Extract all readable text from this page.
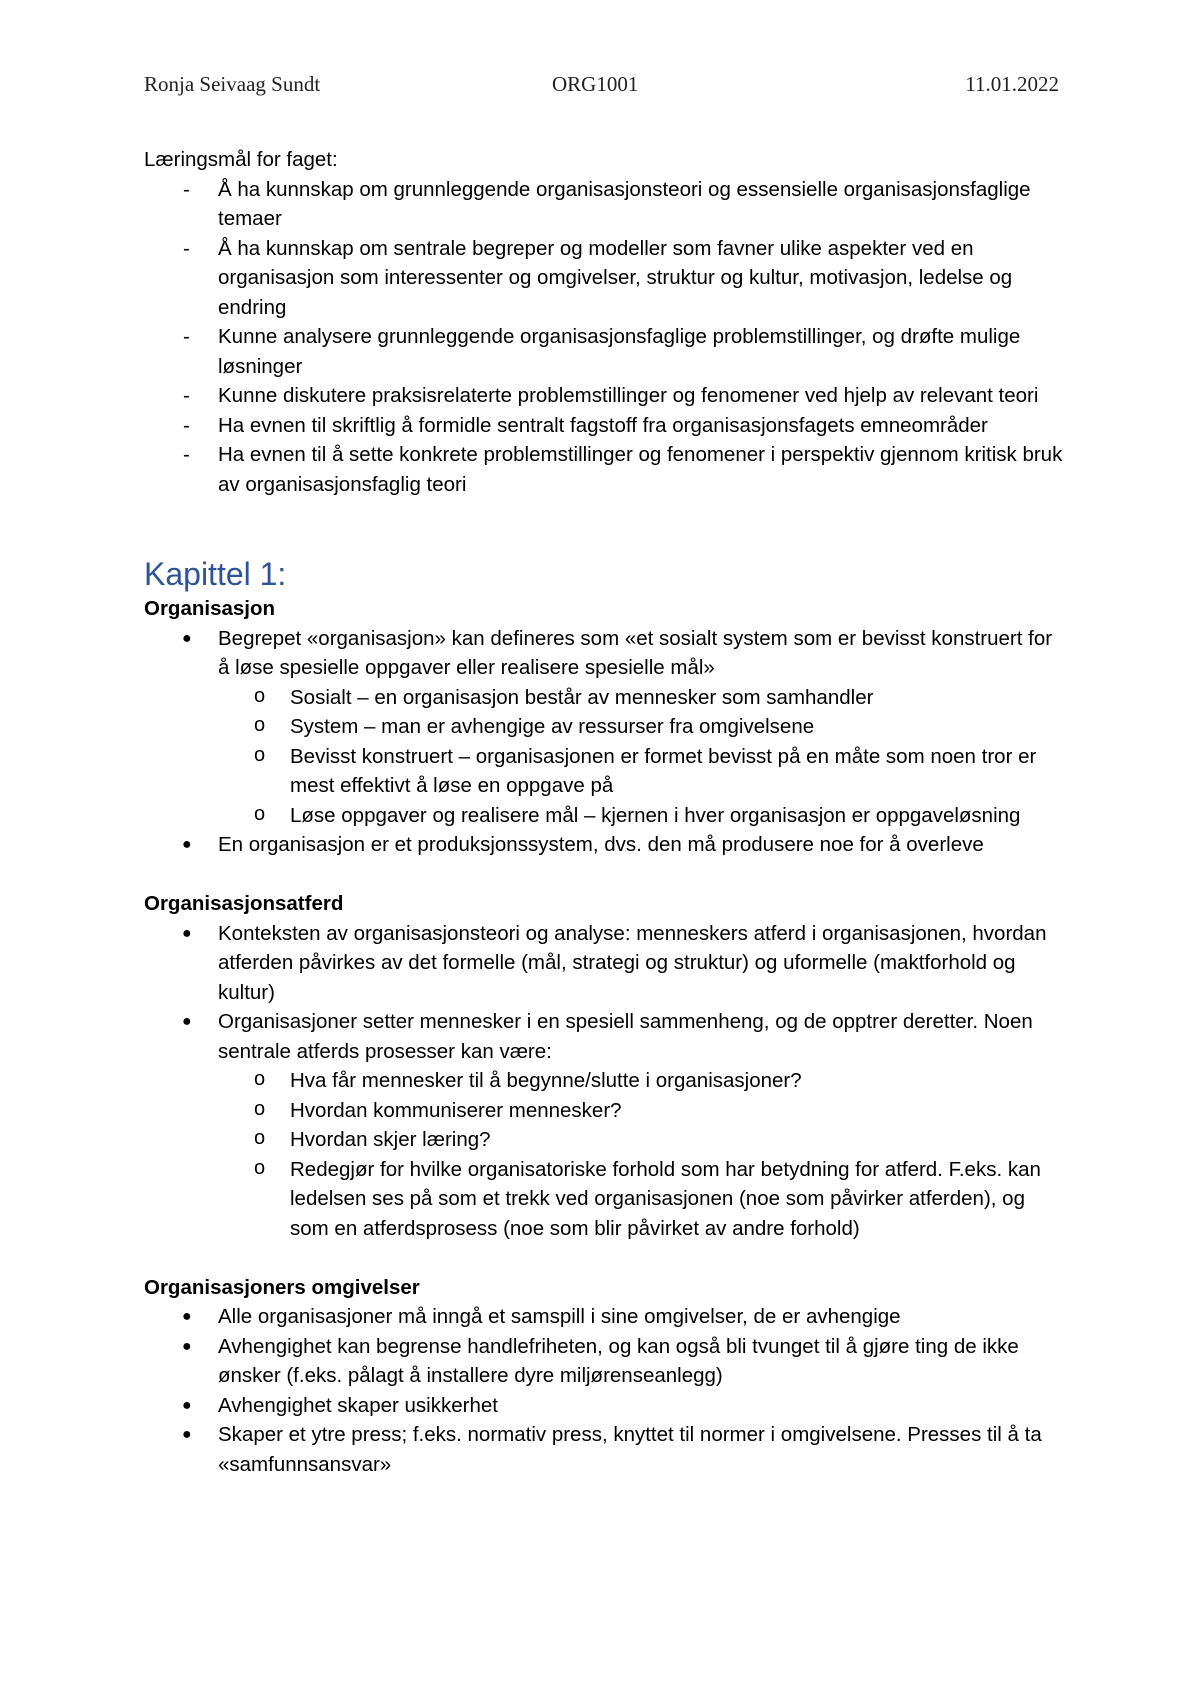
Ronja Seivaag Sundt	ORG1001	11.01.2022

Læringsmål for faget:

- Å ha kunnskap om grunnleggende organisasjonsteori og essensielle organisasjonsfaglige temaer
- Å ha kunnskap om sentrale begreper og modeller som favner ulike aspekter ved en organisasjon som interessenter og omgivelser, struktur og kultur, motivasjon, ledelse og endring
- Kunne analysere grunnleggende organisasjonsfaglige problemstillinger, og drøfte mulige løsninger
- Kunne diskutere praksisrelaterte problemstillinger og fenomener ved hjelp av relevant teori
- Ha evnen til skriftlig å formidle sentralt fagstoff fra organisasjonsfagets emneområder
- Ha evnen til å sette konkrete problemstillinger og fenomener i perspektiv gjennom kritisk bruk av organisasjonsfaglig teori
Kapittel 1:

Organisasjon

● Begrepet «organisasjon» kan defineres som «et sosialt system som er bevisst konstruert for å løse spesielle oppgaver eller realisere spesielle mål»
o Sosialt – en organisasjon består av mennesker som samhandler
o System – man er avhengige av ressurser fra omgivelsene
o Bevisst konstruert – organisasjonen er formet bevisst på en måte som noen tror er mest effektivt å løse en oppgave på
o Løse oppgaver og realisere mål – kjernen i hver organisasjon er oppgaveløsning
● En organisasjon er et produksjonssystem, dvs. den må produsere noe for å overleve

Organisasjonsatferd

● Konteksten av organisasjonsteori og analyse: menneskers atferd i organisasjonen, hvordan atferden påvirkes av det formelle (mål, strategi og struktur) og uformelle (maktforhold og kultur)
● Organisasjoner setter mennesker i en spesiell sammenheng, og de opptrer deretter. Noen sentrale atferds prosesser kan være:
o Hva får mennesker til å begynne/slutte i organisasjoner?
o Hvordan kommuniserer mennesker?
o Hvordan skjer læring?
o Redegjør for hvilke organisatoriske forhold som har betydning for atferd. F.eks. kan ledelsen ses på som et trekk ved organisasjonen (noe som påvirker atferden), og som en atferdsprosess (noe som blir påvirket av andre forhold)

Organisasjoners omgivelser

● Alle organisasjoner må inngå et samspill i sine omgivelser, de er avhengige
● Avhengighet kan begrense handlefriheten, og kan også bli tvunget til å gjøre ting de ikke ønsker (f.eks. pålagt å installere dyre miljørenseanlegg)
● Avhengighet skaper usikkerhet
● Skaper et ytre press; f.eks. normativ press, knyttet til normer i omgivelsene. Presses til å ta «samfunnsansvar»
